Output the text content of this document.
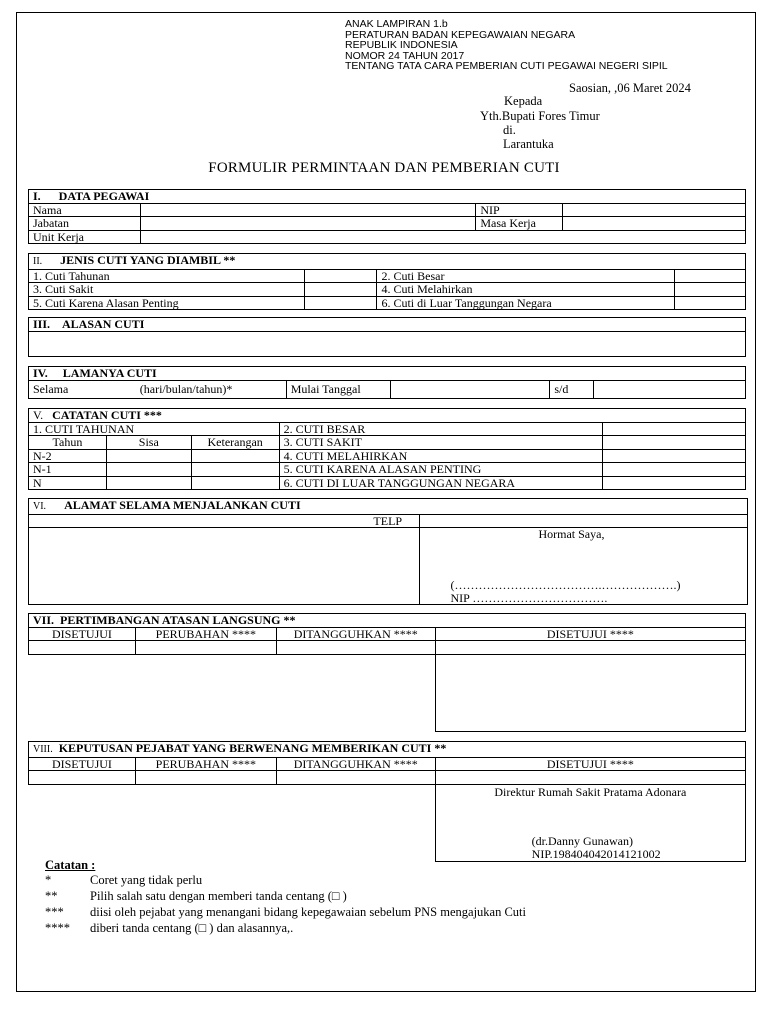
ANAK LAMPIRAN 1.b
PERATURAN BADAN KEPEGAWAIAN NEGARA
REPUBLIK INDONESIA
NOMOR 24 TAHUN 2017
TENTANG TATA CARA PEMBERIAN CUTI PEGAWAI NEGERI SIPIL
Saosian, ,06 Maret 2024
Kepada
Yth.Bupati Fores Timur
di.
Larantuka
FORMULIR PERMINTAAN DAN PEMBERIAN CUTI
I. DATA PEGAWAI			
Nama		NIP	
Jabatan		Masa Kerja	
Unit Kerja			
II. JENIS CUTI YANG DIAMBIL **			
1. Cuti Tahunan		2. Cuti Besar	
3. Cuti Sakit		4. Cuti Melahirkan	
5. Cuti Karena Alasan Penting		6. Cuti di Luar Tanggungan Negara	
III. ALASAN CUTI

IV. LAMANYA CUTI
Selama	(hari/bulan/tahun)*	Mulai Tanggal		s/d	
V. CATATAN CUTI ***				
1. CUTI TAHUNAN			2. CUTI BESAR	
Tahun	Sisa	Keterangan	3. CUTI SAKIT	
N-2			4. CUTI MELAHIRKAN	
N-1			5. CUTI KARENA ALASAN PENTING	
N			6. CUTI DI LUAR TANGGUNGAN NEGARA	
VI. ALAMAT SELAMA MENJALANKAN CUTI		
	TELP	

		Hormat Saya,
(……………………………….……………….)
NIP …………………………….
VII. PERTIMBANGAN ATASAN LANGSUNG **			
DISETUJUI	PERUBAHAN ****	DITANGGUHKAN ****	DISETUJUI ****

VIII. KEPUTUSAN PEJABAT YANG BERWENANG MEMBERIKAN CUTI **			
DISETUJUI	PERUBAHAN ****	DITANGGUHKAN ****	DISETUJUI ****

			Direktur Rumah Sakit Pratama Adonara
(dr.Danny Gunawan)
NIP.198404042014121002
Catatan :
*	Coret yang tidak perlu
**	Pilih salah satu dengan memberi tanda centang (□ )
***	diisi oleh pejabat yang menangani bidang kepegawaian sebelum PNS mengajukan Cuti
****	diberi tanda centang (□ ) dan alasannya,.
